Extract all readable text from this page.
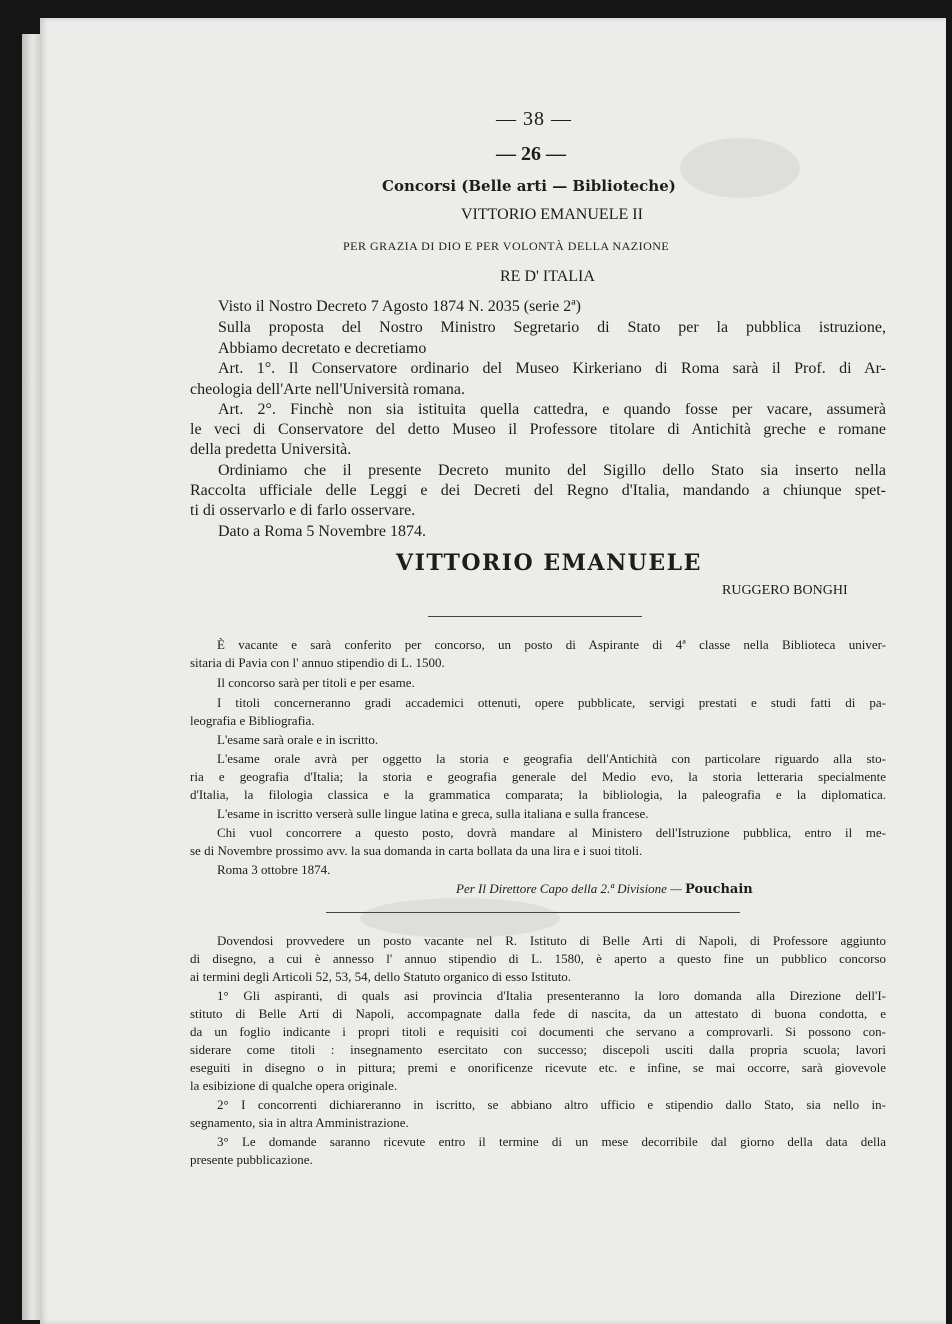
— 38 —
— 26 —
Concorsi (Belle arti — Biblioteche)
VITTORIO EMANUELE II
PER GRAZIA DI DIO E PER VOLONTÀ DELLA NAZIONE
RE D' ITALIA
Visto il Nostro Decreto 7 Agosto 1874 N. 2035 (serie 2ª)
Sulla proposta del Nostro Ministro Segretario di Stato per la pubblica istruzione,
Abbiamo decretato e decretiamo
Art. 1°. Il Conservatore ordinario del Museo Kirkeriano di Roma sarà il Prof. di Ar-
cheologia dell'Arte nell'Università romana.
Art. 2°. Finchè non sia istituita quella cattedra, e quando fosse per vacare, assumerà
le veci di Conservatore del detto Museo il Professore titolare di Antichità greche e romane
della predetta Università.
Ordiniamo che il presente Decreto munito del Sigillo dello Stato sia inserto nella
Raccolta ufficiale delle Leggi e dei Decreti del Regno d'Italia, mandando a chiunque spet-
ti di osservarlo e di farlo osservare.
Dato a Roma 5 Novembre 1874.
VITTORIO EMANUELE
RUGGERO BONGHI
È vacante e sarà conferito per concorso, un posto di Aspirante di 4ª classe nella Biblioteca univer-
sitaria di Pavia con l' annuo stipendio di L. 1500.
Il concorso sarà per titoli e per esame.
I titoli concerneranno gradi accademici ottenuti, opere pubblicate, servigi prestati e studi fatti di pa-
leografia e Bibliografia.
L'esame sarà orale e in iscritto.
L'esame orale avrà per oggetto la storia e geografia dell'Antichità con particolare riguardo alla sto-
ria e geografia d'Italia; la storia e geografia generale del Medio evo, la storia letteraria specialmente
d'Italia, la filologia classica e la grammatica comparata; la bibliologia, la paleografia e la diplomatica.
L'esame in iscritto verserà sulle lingue latina e greca, sulla italiana e sulla francese.
Chi vuol concorrere a questo posto, dovrà mandare al Ministero dell'Istruzione pubblica, entro il me-
se di Novembre prossimo avv. la sua domanda in carta bollata da una lira e i suoi titoli.
Roma 3 ottobre 1874.
Per Il Direttore Capo della 2.ª Divisione — Pouchain
Dovendosi provvedere un posto vacante nel R. Istituto di Belle Arti di Napoli, di Professore aggiunto
di disegno, a cui è annesso l' annuo stipendio di L. 1580, è aperto a questo fine un pubblico concorso
ai termini degli Articoli 52, 53, 54, dello Statuto organico di esso Istituto.
1° Gli aspiranti, di quals asi provincia d'Italia presenteranno la loro domanda alla Direzione dell'I-
stituto di Belle Arti di Napoli, accompagnate dalla fede di nascita, da un attestato di buona condotta, e
da un foglio indicante i propri titoli e requisiti coi documenti che servano a comprovarli. Si possono con-
siderare come titoli : insegnamento esercitato con successo; discepoli usciti dalla propria scuola; lavori
eseguiti in disegno o in pittura; premi e onorificenze ricevute etc. e infine, se mai occorre, sarà giovevole
la esibizione di qualche opera originale.
2° I concorrenti dichiareranno in iscritto, se abbiano altro ufficio e stipendio dallo Stato, sia nello in-
segnamento, sia in altra Amministrazione.
3° Le domande saranno ricevute entro il termine di un mese decorribile dal giorno della data della
presente pubblicazione.
